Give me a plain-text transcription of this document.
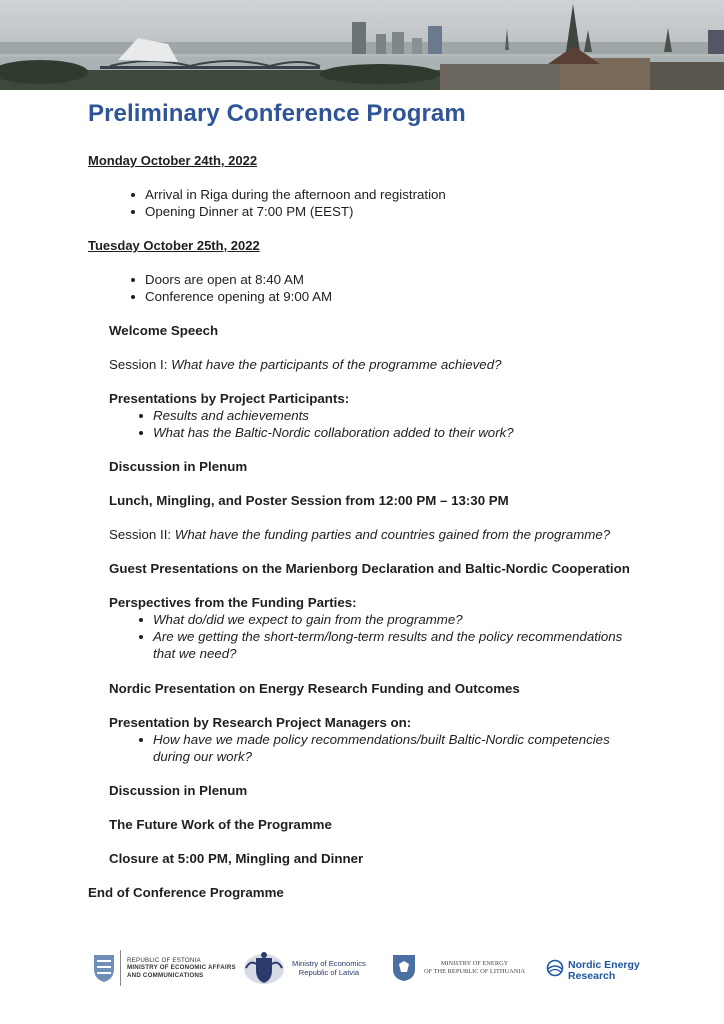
Preliminary Conference Program
Monday October 24th, 2022
Arrival in Riga during the afternoon and registration
Opening Dinner at 7:00 PM (EEST)
Tuesday October 25th, 2022
Doors are open at 8:40 AM
Conference opening at 9:00 AM
Welcome Speech
Session I: What have the participants of the programme achieved?
Presentations by Project Participants:
Results and achievements
What has the Baltic-Nordic collaboration added to their work?
Discussion in Plenum
Lunch, Mingling, and Poster Session from 12:00 PM – 13:30 PM
Session II: What have the funding parties and countries gained from the programme?
Guest Presentations on the Marienborg Declaration and Baltic-Nordic Cooperation
Perspectives from the Funding Parties:
What do/did we expect to gain from the programme?
Are we getting the short-term/long-term results and the policy recommendations that we need?
Nordic Presentation on Energy Research Funding and Outcomes
Presentation by Research Project Managers on:
How have we made policy recommendations/built Baltic-Nordic competencies during our work?
Discussion in Plenum
The Future Work of the Programme
Closure at 5:00 PM, Mingling and Dinner
End of Conference Programme
REPUBLIC OF ESTONIA
MINISTRY OF ECONOMIC AFFAIRS
AND COMMUNICATIONS
Ministry of Economics
Republic of Latvia
MINISTRY OF ENERGY
OF THE REPUBLIC OF LITHUANIA
Nordic Energy
Research
